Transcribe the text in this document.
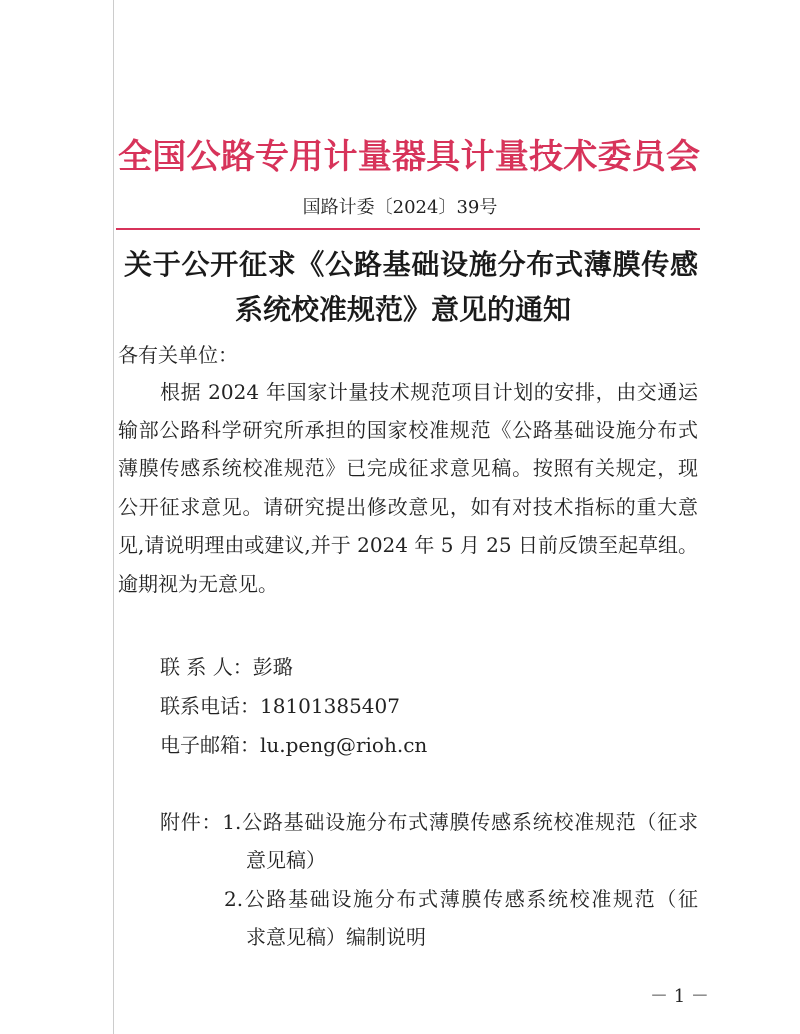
全国公路专用计量器具计量技术委员会
国路计委〔2024〕39号
关于公开征求《公路基础设施分布式薄膜传感
系统校准规范》意见的通知
各有关单位：
根据 2024 年国家计量技术规范项目计划的安排，由交通运
输部公路科学研究所承担的国家校准规范《公路基础设施分布式
薄膜传感系统校准规范》已完成征求意见稿。按照有关规定，现
公开征求意见。请研究提出修改意见，如有对技术指标的重大意
见,请说明理由或建议,并于 2024 年 5 月 25 日前反馈至起草组。
逾期视为无意见。
联 系 人：彭璐
联系电话：18101385407
电子邮箱：lu.peng@rioh.cn
附件：1.公路基础设施分布式薄膜传感系统校准规范（征求
意见稿）
2.公路基础设施分布式薄膜传感系统校准规范（征
求意见稿）编制说明
－ 1 －
